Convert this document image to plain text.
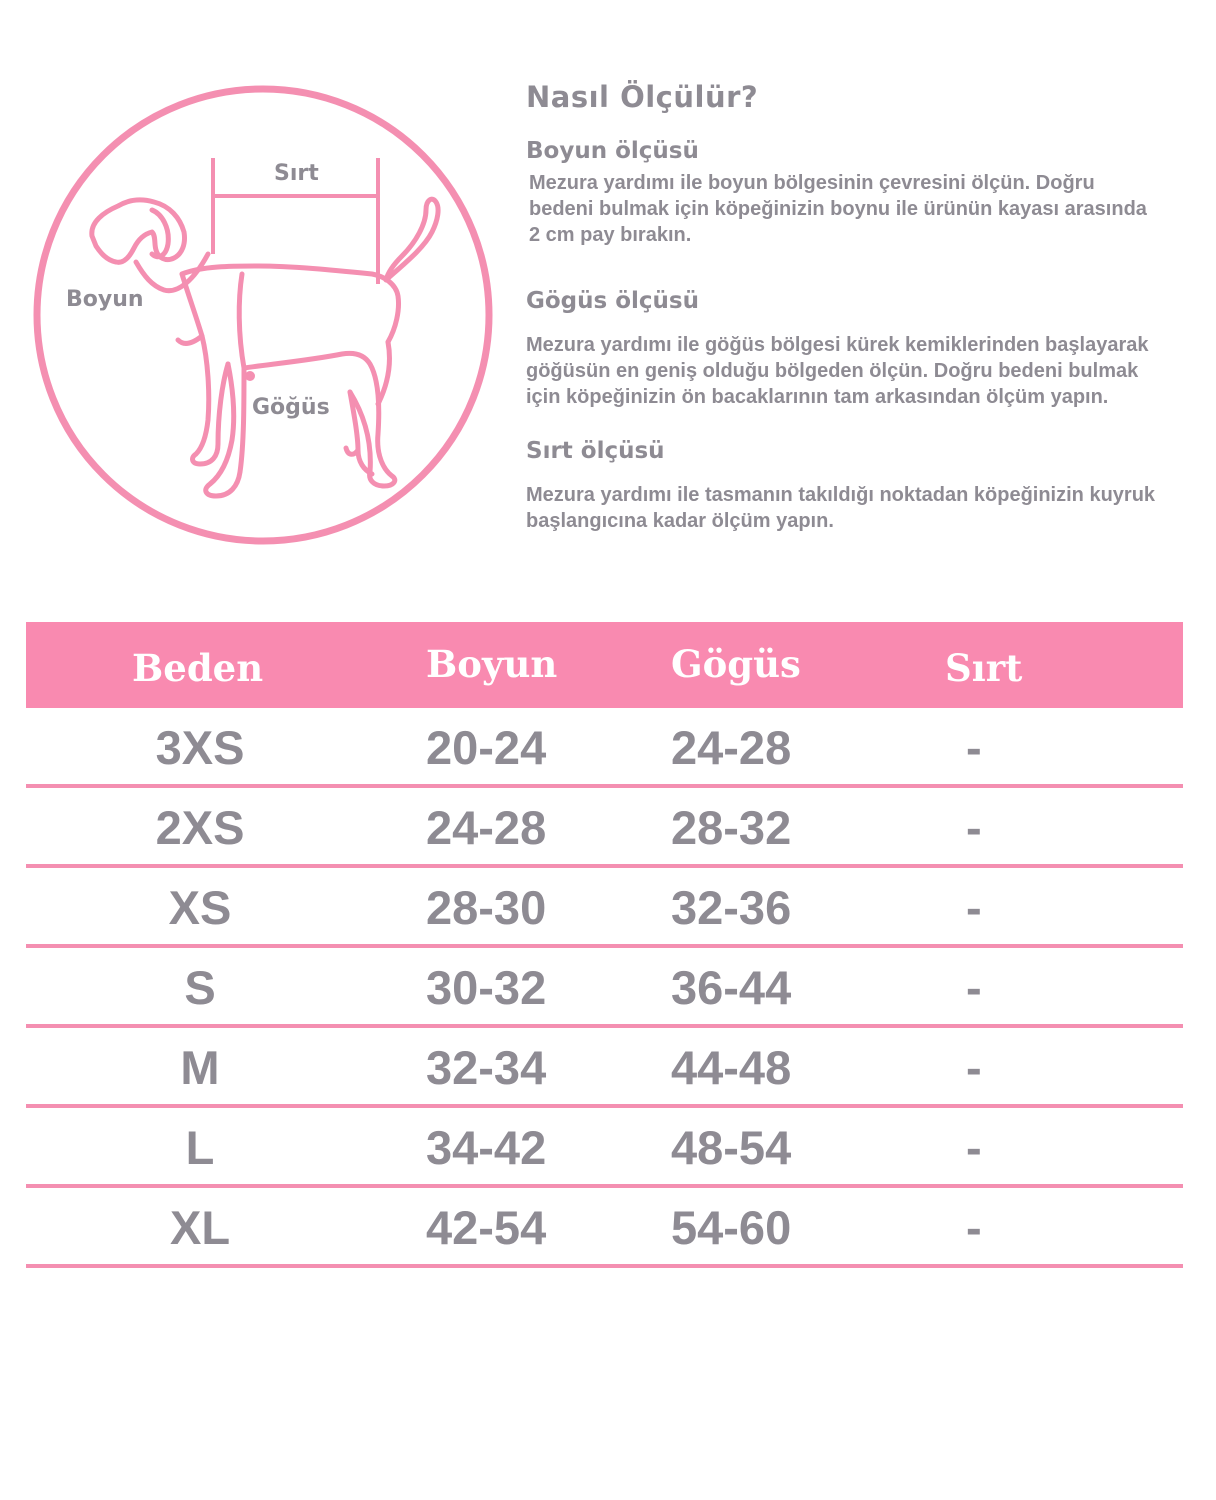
Sırt
Boyun
Göğüs
Nasıl Ölçülür?
Boyun ölçüsü
Mezura yardımı ile boyun bölgesinin çevresini ölçün. Doğru
bedeni bulmak için köpeğinizin boynu ile ürünün kayası arasında
2 cm pay bırakın.
Gögüs ölçüsü
Mezura yardımı ile göğüs bölgesi kürek kemiklerinden başlayarak
göğüsün en geniş olduğu bölgeden ölçün. Doğru bedeni bulmak
için köpeğinizin ön bacaklarının tam arkasından ölçüm yapın.
Sırt ölçüsü
Mezura yardımı ile tasmanın takıldığı noktadan köpeğinizin kuyruk
başlangıcına kadar ölçüm yapın.
Beden	Boyun	Gögüs	Sırt
3XS	20-24	24-28	-
2XS	24-28	28-32	-
XS	28-30	32-36	-
S	30-32	36-44	-
M	32-34	44-48	-
L	34-42	48-54	-
XL	42-54	54-60	-
